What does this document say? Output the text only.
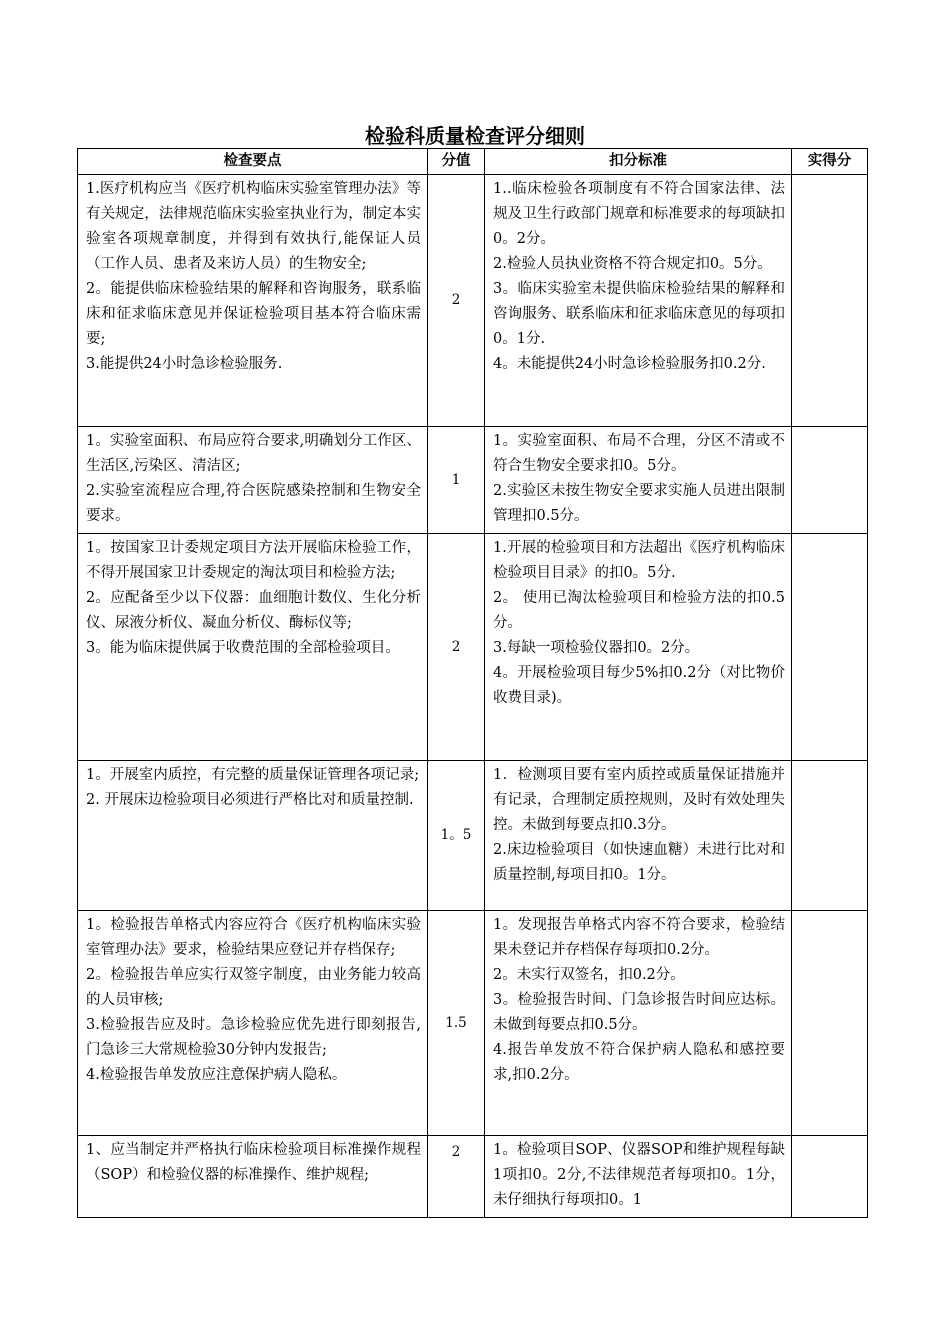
检验科质量检查评分细则
检查要点	分值	扣分标准	实得分

1.医疗机构应当《医疗机构临床实验室管理办法》等有关规定，法律规范临床实验室执业行为，制定本实验室各项规章制度，并得到有效执行,能保证人员（工作人员、患者及来访人员）的生物安全;
2。能提供临床检验结果的解释和咨询服务，联系临床和征求临床意见并保证检验项目基本符合临床需要;
3.能提供24小时急诊检验服务.	2	1..临床检验各项制度有不符合国家法律、法规及卫生行政部门规章和标准要求的每项缺扣0。2分。
2.检验人员执业资格不符合规定扣0。5分。
3。临床实验室未提供临床检验结果的解释和咨询服务、联系临床和征求临床意见的每项扣0。1分.
4。未能提供24小时急诊检验服务扣0.2分.	

1。实验室面积、布局应符合要求,明确划分工作区、生活区,污染区、清洁区;
2.实验室流程应合理,符合医院感染控制和生物安全要求。	1	1。实验室面积、布局不合理，分区不清或不符合生物安全要求扣0。5分。
2.实验区未按生物安全要求实施人员进出限制管理扣0.5分。	

1。按国家卫计委规定项目方法开展临床检验工作，不得开展国家卫计委规定的淘汰项目和检验方法;
2。应配备至少以下仪器：血细胞计数仪、生化分析仪、尿液分析仪、凝血分析仪、酶标仪等;
3。能为临床提供属于收费范围的全部检验项目。	2	1.开展的检验项目和方法超出《医疗机构临床检验项目目录》的扣0。5分.
2。 使用已淘汰检验项目和检验方法的扣0.5分。
3.每缺一项检验仪器扣0。2分。
4。开展检验项目每少5%扣0.2分（对比物价收费目录)。	

1。开展室内质控，有完整的质量保证管理各项记录;
2. 开展床边检验项目必须进行严格比对和质量控制.	1。5	1．检测项目要有室内质控或质量保证措施并有记录，合理制定质控规则，及时有效处理失控。未做到每要点扣0.3分。
2.床边检验项目（如快速血糖）未进行比对和质量控制,每项目扣0。1分。	

1。检验报告单格式内容应符合《医疗机构临床实验室管理办法》要求，检验结果应登记并存档保存;
2。检验报告单应实行双签字制度，由业务能力较高的人员审核;
3.检验报告应及时。急诊检验应优先进行即刻报告,门急诊三大常规检验30分钟内发报告;
4.检验报告单发放应注意保护病人隐私。	1.5	1。发现报告单格式内容不符合要求，检验结果未登记并存档保存每项扣0.2分。
2。未实行双签名，扣0.2分。
3。检验报告时间、门急诊报告时间应达标。未做到每要点扣0.5分。
4.报告单发放不符合保护病人隐私和感控要求,扣0.2分。	

1、应当制定并严格执行临床检验项目标准操作规程（SOP）和检验仪器的标准操作、维护规程;	2	1。检验项目SOP、仪器SOP和维护规程每缺1项扣0。2分,不法律规范者每项扣0。1分，未仔细执行每项扣0。1	
